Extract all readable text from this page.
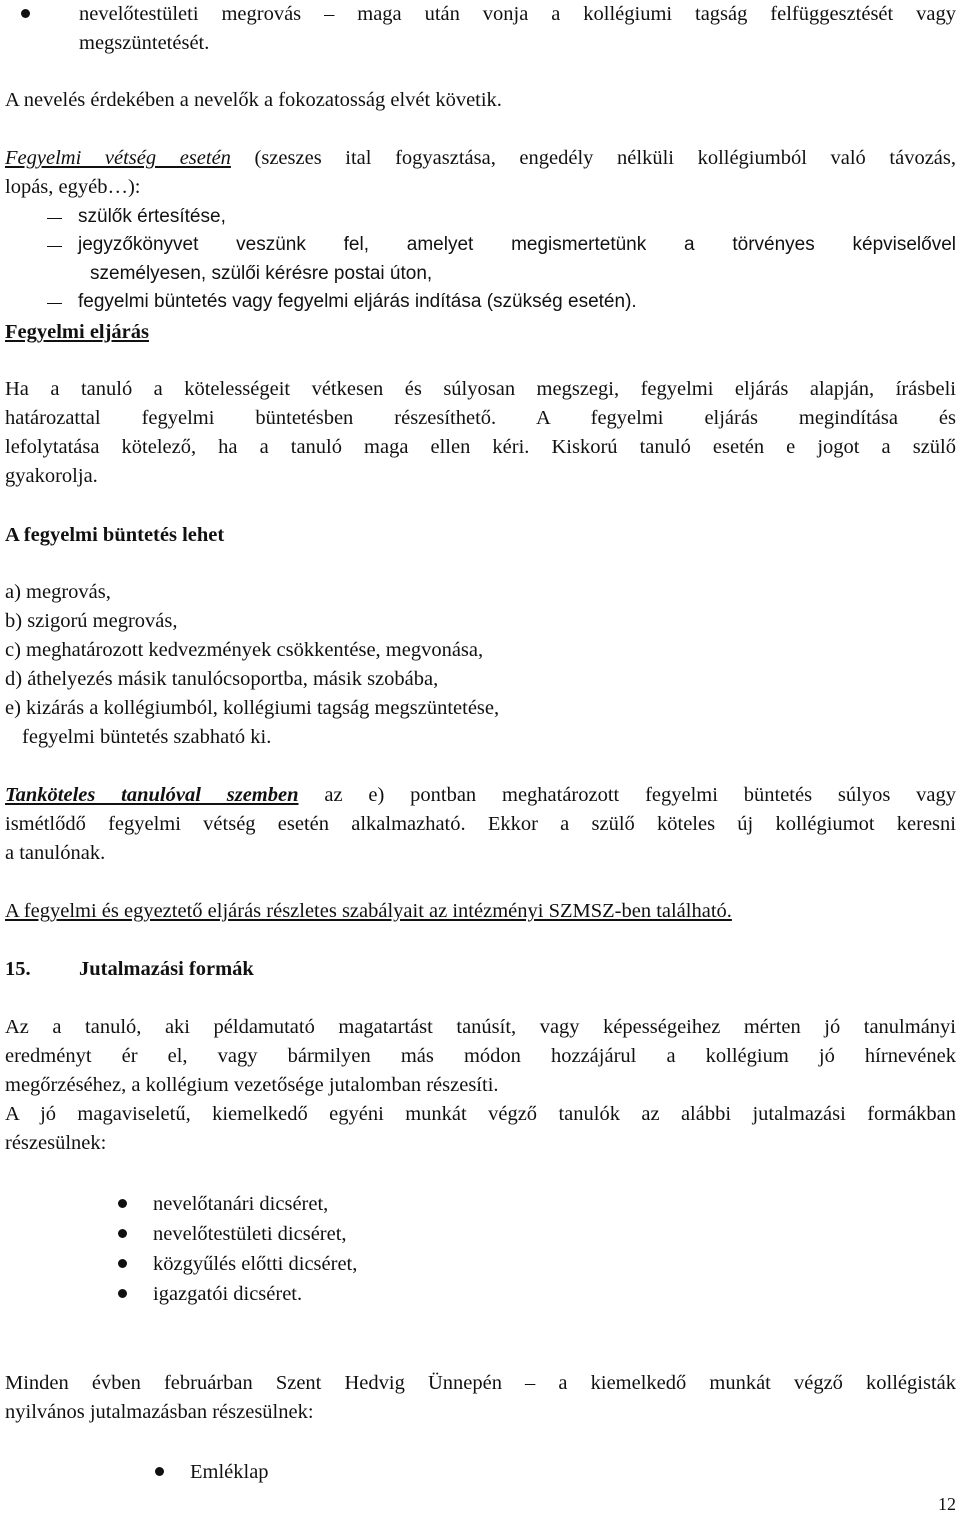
nevelőtestületi megrovás – maga után vonja a kollégiumi tagság felfüggesztését vagy
megszüntetését.
A nevelés érdekében a nevelők a fokozatosság elvét követik.
Fegyelmi vétség esetén (szeszes ital fogyasztása, engedély nélküli kollégiumból való távozás,
lopás, egyéb…):
szülők értesítése,
jegyzőkönyvet veszünk fel, amelyet megismertetünk a törvényes képviselővel
személyesen, szülői kérésre postai úton,
fegyelmi büntetés vagy fegyelmi eljárás indítása (szükség esetén).
Fegyelmi eljárás
Ha a tanuló a kötelességeit vétkesen és súlyosan megszegi, fegyelmi eljárás alapján, írásbeli
határozattal fegyelmi büntetésben részesíthető. A fegyelmi eljárás megindítása és
lefolytatása kötelező, ha a tanuló maga ellen kéri. Kiskorú tanuló esetén e jogot a szülő
gyakorolja.
A fegyelmi büntetés lehet
a) megrovás,
b) szigorú megrovás,
c) meghatározott kedvezmények csökkentése, megvonása,
d) áthelyezés másik tanulócsoportba, másik szobába,
e) kizárás a kollégiumból, kollégiumi tagság megszüntetése,
fegyelmi büntetés szabható ki.
Tanköteles tanulóval szemben az e) pontban meghatározott fegyelmi büntetés súlyos vagy
ismétlődő fegyelmi vétség esetén alkalmazható. Ekkor a szülő köteles új kollégiumot keresni
a tanulónak.
A fegyelmi és egyeztető eljárás részletes szabályait az intézményi SZMSZ-ben található.
15.	Jutalmazási formák
Az a tanuló, aki példamutató magatartást tanúsít, vagy képességeihez mérten jó tanulmányi
eredményt ér el, vagy bármilyen más módon hozzájárul a kollégium jó hírnevének
megőrzéséhez, a kollégium vezetősége jutalomban részesíti.
A jó magaviseletű, kiemelkedő egyéni munkát végző tanulók az alábbi jutalmazási formákban
részesülnek:
nevelőtanári dicséret,
nevelőtestületi dicséret,
közgyűlés előtti dicséret,
igazgatói dicséret.
Minden évben februárban Szent Hedvig Ünnepén – a kiemelkedő munkát végző kollégisták
nyilvános jutalmazásban részesülnek:
Emléklap
12
